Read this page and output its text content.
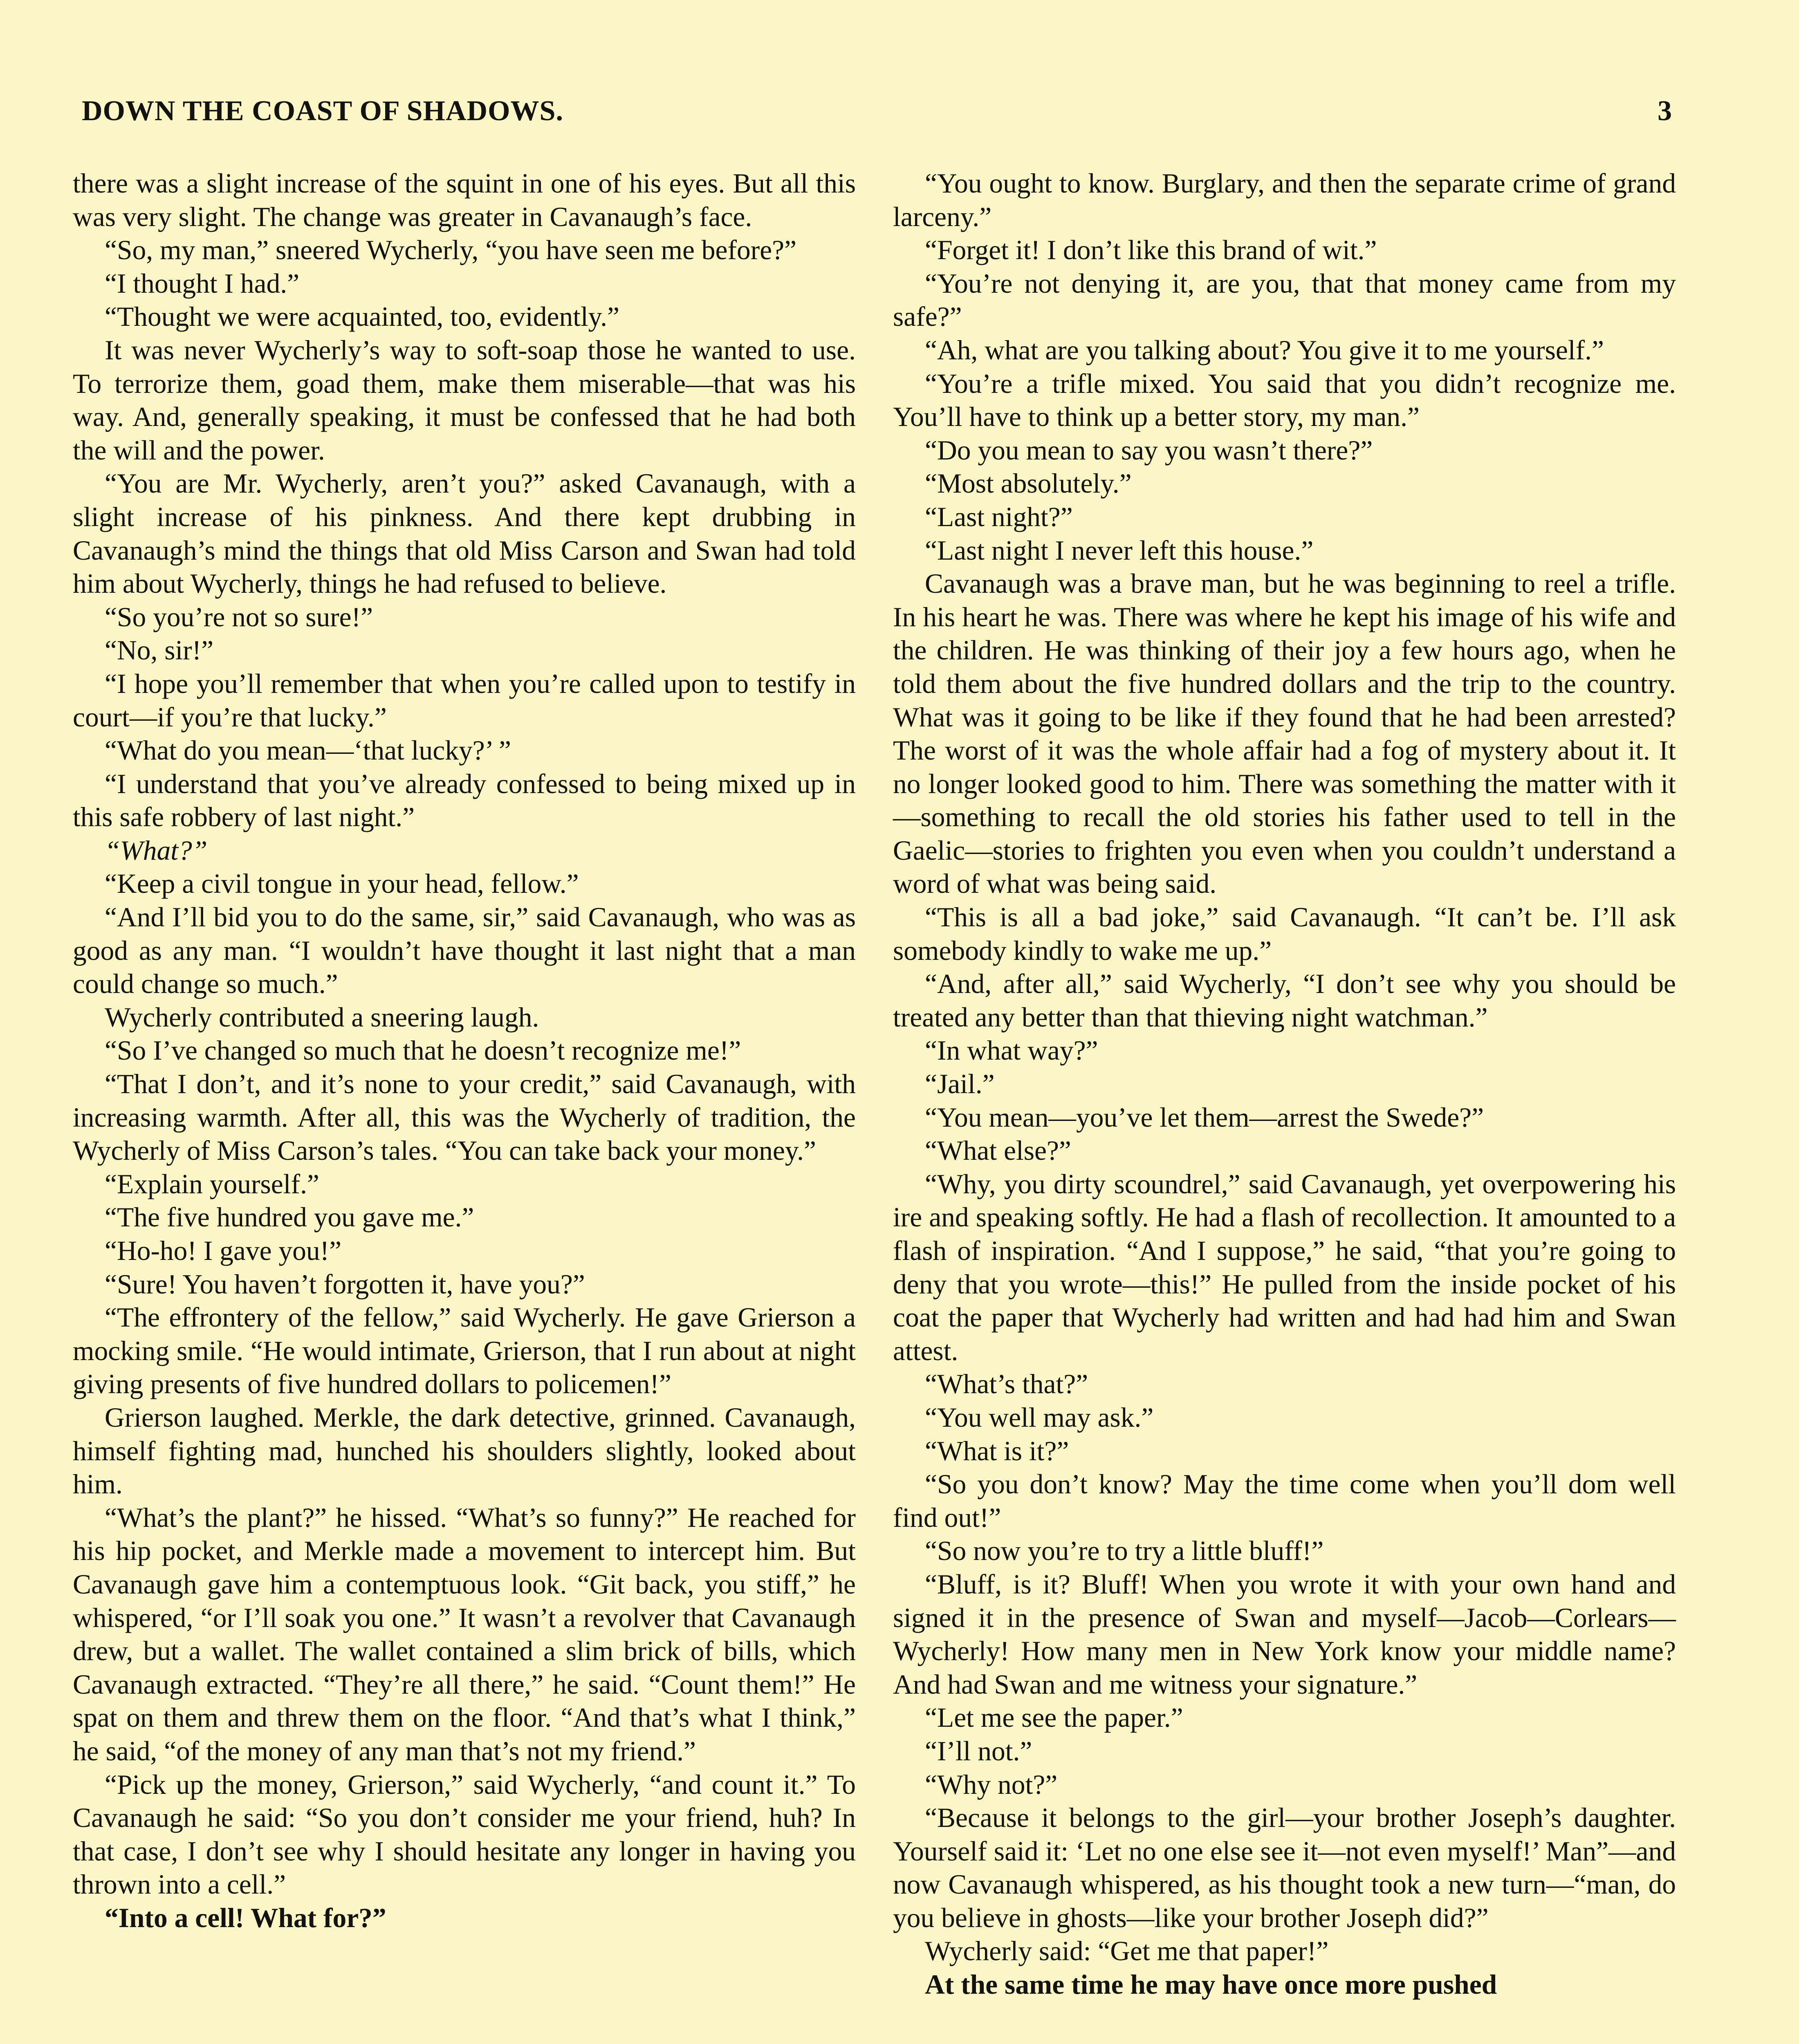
DOWN THE COAST OF SHADOWS.	3

there was a slight increase of the squint in one of his eyes. But all this was very slight. The change was greater in Cavanaugh’s face.

“So, my man,” sneered Wycherly, “you have seen me before?”

“I thought I had.”

“Thought we were acquainted, too, evidently.”

It was never Wycherly’s way to soft-soap those he wanted to use. To terrorize them, goad them, make them miserable—that was his way. And, generally speaking, it must be confessed that he had both the will and the power.

“You are Mr. Wycherly, aren’t you?” asked Cavanaugh, with a slight increase of his pinkness. And there kept drubbing in Cavanaugh’s mind the things that old Miss Carson and Swan had told him about Wycherly, things he had refused to believe.

“So you’re not so sure!”

“No, sir!”

“I hope you’ll remember that when you’re called upon to testify in court—if you’re that lucky.”

“What do you mean—‘that lucky?’ ”

“I understand that you’ve already confessed to being mixed up in this safe robbery of last night.”

“What?”

“Keep a civil tongue in your head, fellow.”

“And I’ll bid you to do the same, sir,” said Cavanaugh, who was as good as any man. “I wouldn’t have thought it last night that a man could change so much.”

Wycherly contributed a sneering laugh.

“So I’ve changed so much that he doesn’t recognize me!”

“That I don’t, and it’s none to your credit,” said Cavanaugh, with increasing warmth. After all, this was the Wycherly of tradition, the Wycherly of Miss Carson’s tales. “You can take back your money.”

“Explain yourself.”

“The five hundred you gave me.”

“Ho-ho! I gave you!”

“Sure! You haven’t forgotten it, have you?”

“The effrontery of the fellow,” said Wycherly. He gave Grierson a mocking smile. “He would intimate, Grierson, that I run about at night giving presents of five hundred dollars to policemen!”

Grierson laughed. Merkle, the dark detective, grinned. Cavanaugh, himself fighting mad, hunched his shoulders slightly, looked about him.

“What’s the plant?” he hissed. “What’s so funny?” He reached for his hip pocket, and Merkle made a movement to intercept him. But Cavanaugh gave him a contemptuous look. “Git back, you stiff,” he whispered, “or I’ll soak you one.” It wasn’t a revolver that Cavanaugh drew, but a wallet. The wallet contained a slim brick of bills, which Cavanaugh extracted. “They’re all there,” he said. “Count them!” He spat on them and threw them on the floor. “And that’s what I think,” he said, “of the money of any man that’s not my friend.”

“Pick up the money, Grierson,” said Wycherly, “and count it.” To Cavanaugh he said: “So you don’t consider me your friend, huh? In that case, I don’t see why I should hesitate any longer in having you thrown into a cell.”

“Into a cell! What for?”

“You ought to know. Burglary, and then the separate crime of grand larceny.”

“Forget it! I don’t like this brand of wit.”

“You’re not denying it, are you, that that money came from my safe?”

“Ah, what are you talking about? You give it to me yourself.”

“You’re a trifle mixed. You said that you didn’t recognize me. You’ll have to think up a better story, my man.”

“Do you mean to say you wasn’t there?”

“Most absolutely.”

“Last night?”

“Last night I never left this house.”

Cavanaugh was a brave man, but he was beginning to reel a trifle. In his heart he was. There was where he kept his image of his wife and the children. He was thinking of their joy a few hours ago, when he told them about the five hundred dollars and the trip to the country. What was it going to be like if they found that he had been arrested? The worst of it was the whole affair had a fog of mystery about it. It no longer looked good to him. There was something the matter with it—something to recall the old stories his father used to tell in the Gaelic—stories to frighten you even when you couldn’t understand a word of what was being said.

“This is all a bad joke,” said Cavanaugh. “It can’t be. I’ll ask somebody kindly to wake me up.”

“And, after all,” said Wycherly, “I don’t see why you should be treated any better than that thieving night watchman.”

“In what way?”

“Jail.”

“You mean—you’ve let them—arrest the Swede?”

“What else?”

“Why, you dirty scoundrel,” said Cavanaugh, yet overpowering his ire and speaking softly. He had a flash of recollection. It amounted to a flash of inspiration. “And I suppose,” he said, “that you’re going to deny that you wrote—this!” He pulled from the inside pocket of his coat the paper that Wycherly had written and had had him and Swan attest.

“What’s that?”

“You well may ask.”

“What is it?”

“So you don’t know? May the time come when you’ll dom well find out!”

“So now you’re to try a little bluff!”

“Bluff, is it? Bluff! When you wrote it with your own hand and signed it in the presence of Swan and myself—Jacob—Corlears—Wycherly! How many men in New York know your middle name? And had Swan and me witness your signature.”

“Let me see the paper.”

“I’ll not.”

“Why not?”

“Because it belongs to the girl—your brother Joseph’s daughter. Yourself said it: ‘Let no one else see it—not even myself!’ Man”—and now Cavanaugh whispered, as his thought took a new turn—“man, do you believe in ghosts—like your brother Joseph did?”

Wycherly said: “Get me that paper!”

At the same time he may have once more pushed
